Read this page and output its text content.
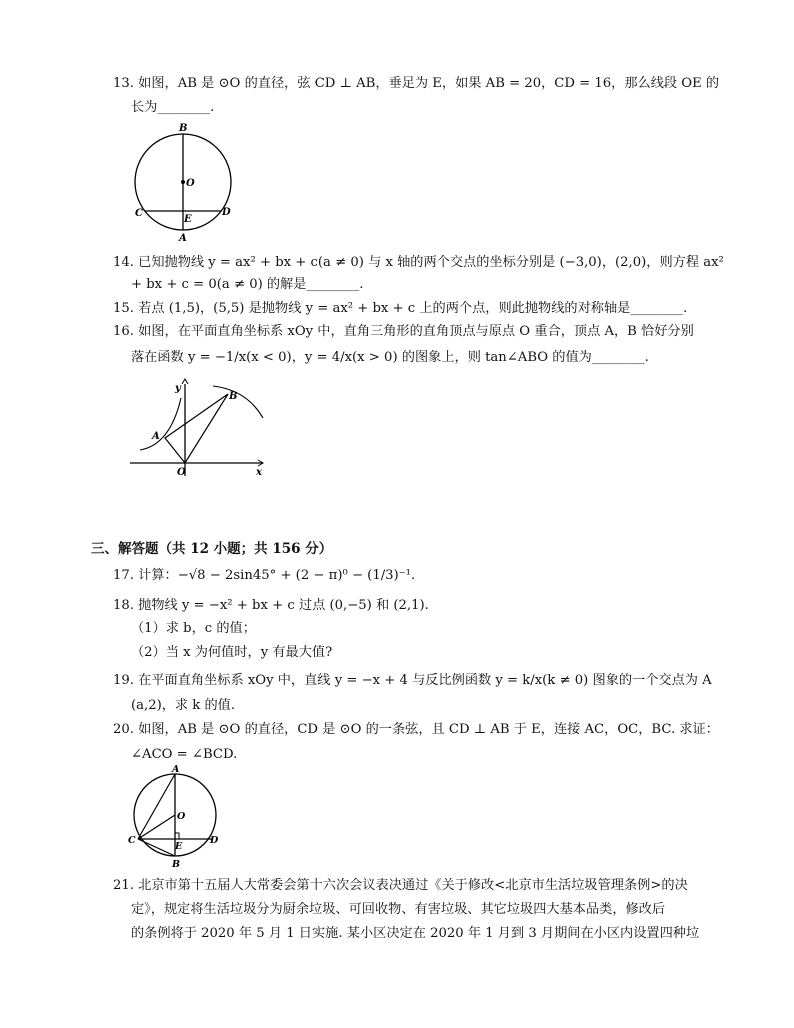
13. 如图，AB 是 ⊙O 的直径，弦 CD ⊥ AB，垂足为 E，如果 AB = 20，CD = 16，那么线段 OE 的
长为________.
B
O
C
E
D
A
14. 已知抛物线 y = ax² + bx + c(a ≠ 0) 与 x 轴的两个交点的坐标分别是 (−3,0)，(2,0)，则方程 ax²
+ bx + c = 0(a ≠ 0) 的解是________.
15. 若点 (1,5)，(5,5) 是抛物线 y = ax² + bx + c 上的两个点，则此抛物线的对称轴是________.
16. 如图，在平面直角坐标系 xOy 中，直角三角形的直角顶点与原点 O 重合，顶点 A，B 恰好分别
落在函数 y = −1/x(x < 0)，y = 4/x(x > 0) 的图象上，则 tan∠ABO 的值为________.
y
x
A
B
O
三、解答题（共 12 小题；共 156 分）
17. 计算：−√8 − 2sin45° + (2 − π)⁰ − (1/3)⁻¹.
18. 抛物线 y = −x² + bx + c 过点 (0,−5) 和 (2,1).
（1）求 b，c 的值；
（2）当 x 为何值时，y 有最大值?
19. 在平面直角坐标系 xOy 中，直线 y = −x + 4 与反比例函数 y = k/x(k ≠ 0) 图象的一个交点为 A
(a,2)，求 k 的值.
20. 如图，AB 是 ⊙O 的直径，CD 是 ⊙O 的一条弦，且 CD ⊥ AB 于 E，连接 AC，OC，BC. 求证：
∠ACO = ∠BCD.
A
O
C
E
D
B
21. 北京市第十五届人大常委会第十六次会议表决通过《关于修改<北京市生活垃圾管理条例>的决
定》，规定将生活垃圾分为厨余垃圾、可回收物、有害垃圾、其它垃圾四大基本品类，修改后
的条例将于 2020 年 5 月 1 日实施. 某小区决定在 2020 年 1 月到 3 月期间在小区内设置四种垃
